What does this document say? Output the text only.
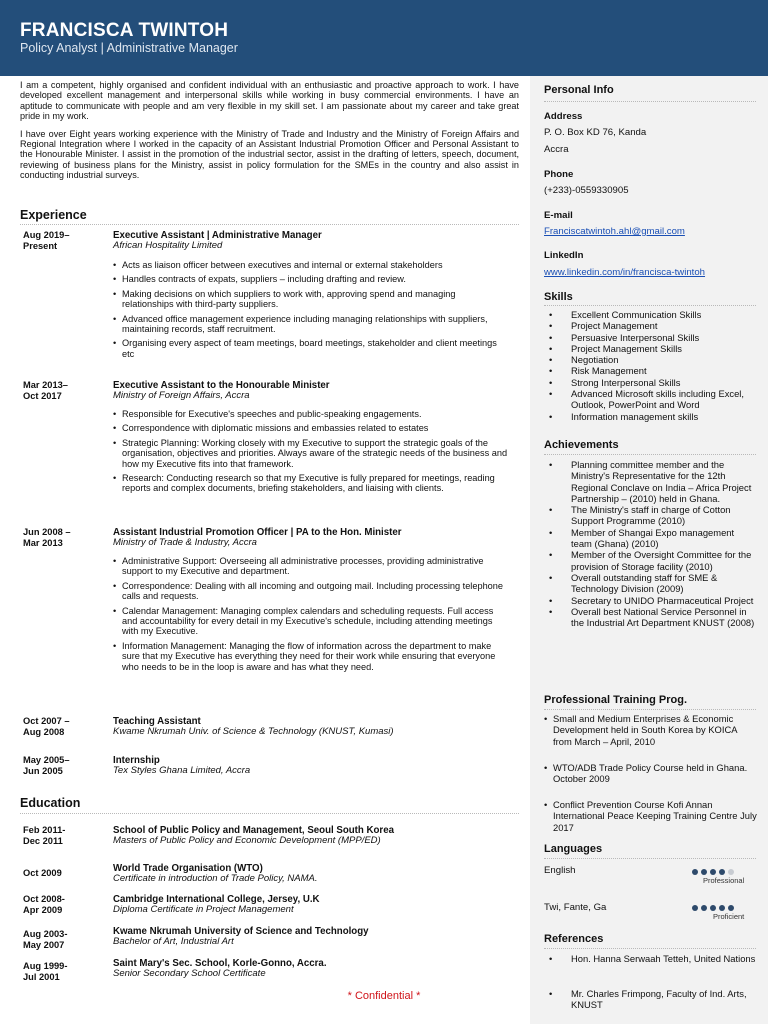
FRANCISCA TWINTOH
Policy Analyst | Administrative Manager

I am a competent, highly organised and confident individual with an enthusiastic and proactive approach to work. I have developed excellent management and interpersonal skills while working in busy commercial environments. I have an aptitude to communicate with people and am very flexible in my skill set. I am passionate about my career and take great pride in my work.

I have over Eight years working experience with the Ministry of Trade and Industry and the Ministry of Foreign Affairs and Regional Integration where I worked in the capacity of an Assistant Industrial Promotion Officer and Personal Assistant to the Honourable Minister. I assist in the promotion of the industrial sector, assist in the drafting of letters, speech, document, reviewing of business plans for the Ministry, assist in policy formulation for the SMEs in the country and also assist in conducting industrial surveys.

Experience
Aug 2019–
Present
Executive Assistant | Administrative Manager
African Hospitality Limited
• Acts as liaison officer between executives and internal or external stakeholders
• Handles contracts of expats, suppliers – including drafting and review.
• Making decisions on which suppliers to work with, approving spend and managing relationships with third-party suppliers.
• Advanced office management experience including managing relationships with suppliers, maintaining records, staff recruitment.
• Organising every aspect of team meetings, board meetings, stakeholder and client meetings etc
Mar 2013–
Oct 2017
Executive Assistant to the Honourable Minister
Ministry of Foreign Affairs, Accra
• Responsible for Executive's speeches and public-speaking engagements.
• Correspondence with diplomatic missions and embassies related to estates
• Strategic Planning: Working closely with my Executive to support the strategic goals of the organisation, objectives and priorities. Always aware of the strategic needs of the business and how my Executive fits into that framework.
• Research: Conducting research so that my Executive is fully prepared for meetings, reading reports and complex documents, briefing stakeholders, and liaising with clients.
Jun 2008 –
Mar 2013
Assistant Industrial Promotion Officer | PA to the Hon. Minister
Ministry of Trade & Industry, Accra
• Administrative Support: Overseeing all administrative processes, providing administrative support to my Executive and department.
• Correspondence: Dealing with all incoming and outgoing mail. Including processing telephone calls and requests.
• Calendar Management: Managing complex calendars and scheduling requests. Full access and accountability for every detail in my Executive's schedule, including attending meetings with my Executive.
• Information Management: Managing the flow of information across the department to make sure that my Executive has everything they need for their work while ensuring that everyone who needs to be in the loop is aware and has what they need.
Oct 2007 –
Aug 2008
Teaching Assistant
Kwame Nkrumah Univ. of Science & Technology (KNUST, Kumasi)
May 2005–
Jun 2005
Internship
Tex Styles Ghana Limited, Accra
Education
Feb 2011-
Dec 2011
School of Public Policy and Management, Seoul South Korea
Masters of Public Policy and Economic Development (MPP/ED)
Oct 2009	World Trade Organisation (WTO)
Certificate in introduction of Trade Policy, NAMA.
Oct 2008-
Apr 2009
Cambridge International College, Jersey, U.K
Diploma Certificate in Project Management
Aug 2003-
May 2007
Kwame Nkrumah University of Science and Technology
Bachelor of Art, Industrial Art
Aug 1999-
Jul 2001
Saint Mary's Sec. School, Korle-Gonno, Accra.
Senior Secondary School Certificate
* Confidential *
Personal Info
Address
P. O. Box KD 76, Kanda
Accra
Phone
(+233)-0559330905
E-mail
Franciscatwintoh.ahl@gmail.com
LinkedIn
www.linkedin.com/in/francisca-twintoh
Skills
• Excellent Communication Skills
• Project Management
• Persuasive Interpersonal Skills
• Project Management Skills
• Negotiation
• Risk Management
• Strong Interpersonal Skills
• Advanced Microsoft skills including Excel, Outlook, PowerPoint and Word
• Information management skills
Achievements
• Planning committee member and the Ministry's Representative for the 12th Regional Conclave on India – Africa Project Partnership – (2010) held in Ghana.
• The Ministry's staff in charge of Cotton Support Programme (2010)
• Member of Shangai Expo management team (Ghana) (2010)
• Member of the Oversight Committee for the provision of Storage facility (2010)
• Overall outstanding staff for SME & Technology Division (2009)
• Secretary to UNIDO Pharmaceutical Project
• Overall best National Service Personnel in the Industrial Art Department KNUST (2008)
Professional Training Prog.
• Small and Medium Enterprises & Economic Development held in South Korea by KOICA from March – April, 2010
• WTO/ADB Trade Policy Course held in Ghana. October 2009
• Conflict Prevention Course Kofi Annan International Peace Keeping Training Centre July 2017
Languages
English
Professional
Twi, Fante, Ga
Proficient
References
• Hon. Hanna Serwaah Tetteh, United Nations
• Mr. Charles Frimpong, Faculty of Ind. Arts, KNUST
